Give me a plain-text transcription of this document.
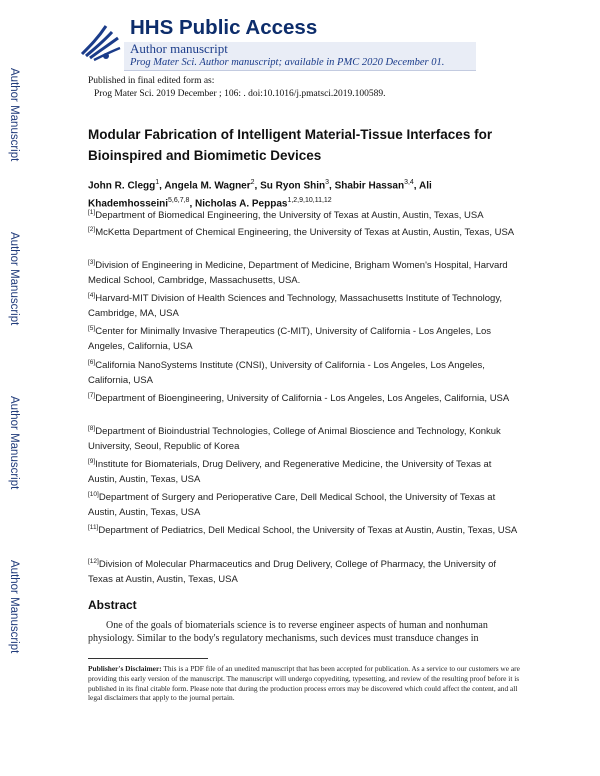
Author Manuscript
Author Manuscript
Author Manuscript
Author Manuscript
HHS Public Access
Author manuscript
Prog Mater Sci. Author manuscript; available in PMC 2020 December 01.
Published in final edited form as:
Prog Mater Sci. 2019 December ; 106: . doi:10.1016/j.pmatsci.2019.100589.
Modular Fabrication of Intelligent Material-Tissue Interfaces for Bioinspired and Biomimetic Devices
John R. Clegg$^1$, Angela M. Wagner$^2$, Su Ryon Shin$^3$, Shabir Hassan$^{3,4}$, Ali Khademhosseini$^{5,6,7,8}$, Nicholas A. Peppas$^{1,2,9,10,11,12}$
[1]Department of Biomedical Engineering, the University of Texas at Austin, Austin, Texas, USA
[2]McKetta Department of Chemical Engineering, the University of Texas at Austin, Austin, Texas, USA
[3]Division of Engineering in Medicine, Department of Medicine, Brigham Women's Hospital, Harvard Medical School, Cambridge, Massachusetts, USA.
[4]Harvard-MIT Division of Health Sciences and Technology, Massachusetts Institute of Technology, Cambridge, MA, USA
[5]Center for Minimally Invasive Therapeutics (C-MIT), University of California - Los Angeles, Los Angeles, California, USA
[6]California NanoSystems Institute (CNSI), University of California - Los Angeles, Los Angeles, California, USA
[7]Department of Bioengineering, University of California - Los Angeles, Los Angeles, California, USA
[8]Department of Bioindustrial Technologies, College of Animal Bioscience and Technology, Konkuk University, Seoul, Republic of Korea
[9]Institute for Biomaterials, Drug Delivery, and Regenerative Medicine, the University of Texas at Austin, Austin, Texas, USA
[10]Department of Surgery and Perioperative Care, Dell Medical School, the University of Texas at Austin, Austin, Texas, USA
[11]Department of Pediatrics, Dell Medical School, the University of Texas at Austin, Austin, Texas, USA
[12]Division of Molecular Pharmaceutics and Drug Delivery, College of Pharmacy, the University of Texas at Austin, Austin, Texas, USA
Abstract
One of the goals of biomaterials science is to reverse engineer aspects of human and nonhuman
physiology. Similar to the body's regulatory mechanisms, such devices must transduce changes in
Publisher's Disclaimer: This is a PDF file of an unedited manuscript that has been accepted for publication. As a service to our customers we are providing this early version of the manuscript. The manuscript will undergo copyediting, typesetting, and review of the resulting proof before it is published in its final citable form. Please note that during the production process errors may be discovered which could affect the content, and all legal disclaimers that apply to the journal pertain.
